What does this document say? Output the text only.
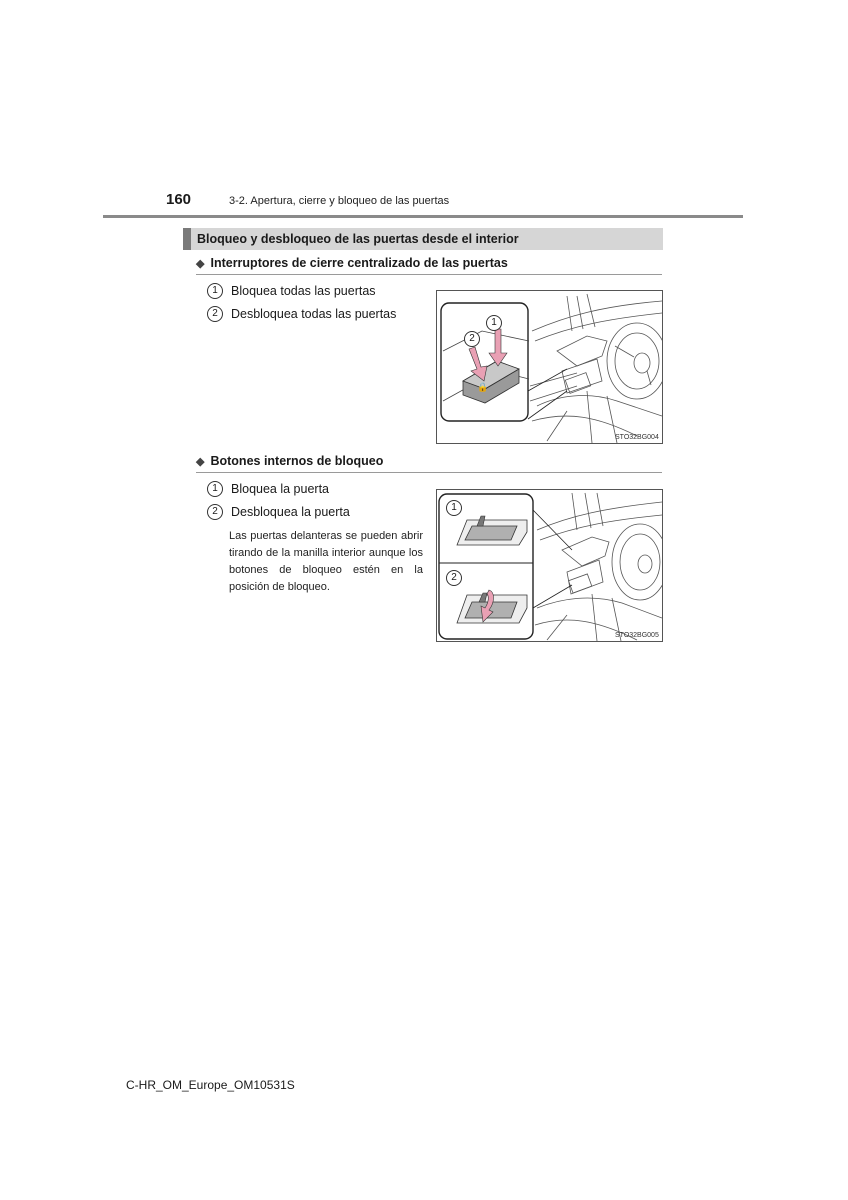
160	3-2. Apertura, cierre y bloqueo de las puertas
Bloqueo y desbloqueo de las puertas desde el interior
◆ Interruptores de cierre centralizado de las puertas
1	Bloquea todas las puertas
2	Desbloquea todas las puertas
🔒
1
2
STO32BG004
◆ Botones internos de bloqueo
1	Bloquea la puerta
2	Desbloquea la puerta
Las puertas delanteras se pueden abrir tirando de la manilla interior aunque los botones de bloqueo estén en la posición de bloqueo.
1
2
STO32BG005
C-HR_OM_Europe_OM10531S
